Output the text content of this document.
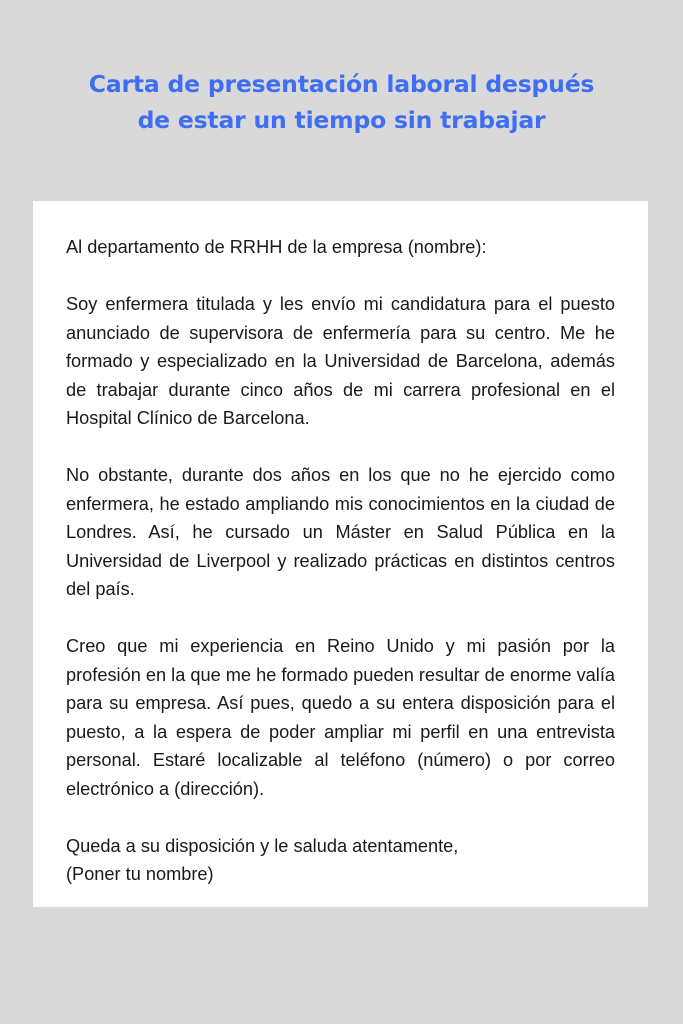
Carta de presentación laboral después
de estar un tiempo sin trabajar

Al departamento de RRHH de la empresa (nombre):

Soy enfermera titulada y les envío mi candidatura para el puesto anunciado de supervisora de enfermería para su centro. Me he formado y especializado en la Universidad de Barcelona, además de trabajar durante cinco años de mi carrera profesional en el Hospital Clínico de Barcelona.

No obstante, durante dos años en los que no he ejercido como enfermera, he estado ampliando mis conocimientos en la ciudad de Londres. Así, he cursado un Máster en Salud Pública en la Universidad de Liverpool y realizado prácticas en distintos centros del país.

Creo que mi experiencia en Reino Unido y mi pasión por la profesión en la que me he formado pueden resultar de enorme valía para su empresa. Así pues, quedo a su entera disposición para el puesto, a la espera de poder ampliar mi perfil en una entrevista personal. Estaré localizable al teléfono (número) o por correo electrónico a (dirección).

Queda a su disposición y le saluda atentamente,
(Poner tu nombre)
